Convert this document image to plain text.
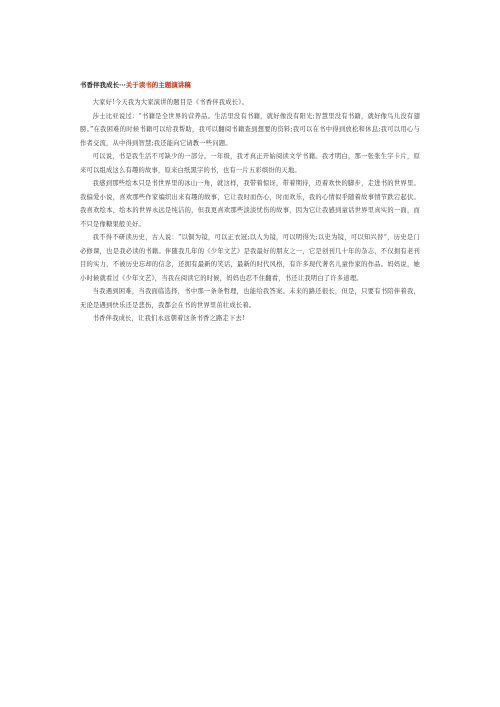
书香伴我成长···关于读书的主题演讲稿

大家好!今天我为大家演讲的题目是《书香伴我成长》。

莎士比亚说过：“书籍是全世界的营养品。生活里没有书籍，就好像没有阳光;智慧里没有书籍，就好像鸟儿没有翅膀。”在我困难的时候书籍可以给我帮助，我可以翻阅书籍查到想要的资料;我可以在书中得到放松和休息;我可以用心与作者交流，从中得到智慧;我还能向它请教一些问题。

可以说，书是我生活不可缺少的一部分。一年级，我才真正开始阅读文学书籍。我才明白，那一张张生字卡片，原来可以组成这么有趣的故事，原来白纸黑字的书，也有一片五彩缤纷的天地。

我感到那些绘本只是书世界里的冰山一角，就这样，我带着惊讶，带着期待，迈着欢快的脚步，走进书的世界里。我偏爱小说，喜欢那些作家编织出来有趣的故事，它让我时而伤心，时而欢乐，我的心情似乎随着故事情节跌宕起伏。我喜欢绘本，绘本的世界永远是纯洁的，但我更喜欢那些淡淡忧伤的故事，因为它让我感到童话世界里真实的一面，而不只是像糖果般美好。

我不得不研读历史，古人说：“以铜为镜，可以正衣冠;以人为镜，可以明得失;以史为镜，可以知兴替“，历史是门必修课，也是我必读的书籍。伴随我几年的《少年文艺》是我最好的朋友之一，它是创刊几十年的杂志，不仅拥有老刊目的实力，不被历史忘却的信念，还拥有最新的笑话，最新的时代风格，有许多现代著名儿童作家的作品。妈妈说，她小时候就看过《少年文艺》，当我在阅读它的时候，妈妈也忍不住翻看，书还让我明白了许多道理。

当我遇到困难，当我面临选择，书中那一条条哲理，也能给我答案。未来的路还很长，但是，只要有书陪伴着我，无论是遇到快乐还是悲伤，我都会在书的世界里茁壮成长着。

书香伴我成长，让我们永远朝着这条书香之路走下去!
